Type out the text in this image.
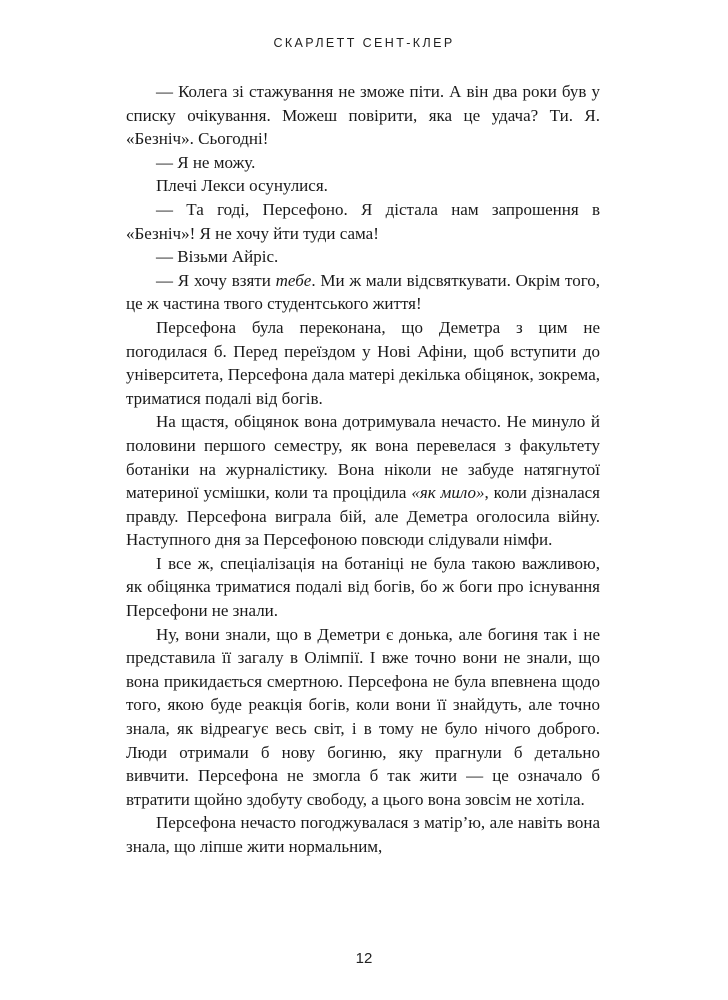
СКАРЛЕТТ СЕНТ-КЛЕР

— Колега зі стажування не зможе піти. А він два роки був у списку очікування. Можеш повірити, яка це удача? Ти. Я. «Безніч». Сьогодні!

— Я не можу.

Плечі Лекси осунулися.

— Та годі, Персефоно. Я дістала нам запрошення в «Безніч»! Я не хочу йти туди сама!

— Візьми Айріс.

— Я хочу взяти тебе. Ми ж мали відсвяткувати. Окрім того, це ж частина твого студентського життя!

Персефона була переконана, що Деметра з цим не погодилася б. Перед переїздом у Нові Афіни, щоб вступити до університета, Персефона дала матері декілька обіцянок, зокрема, триматися подалі від богів.

На щастя, обіцянок вона дотримувала нечасто. Не минуло й половини першого семестру, як вона перевелася з факультету ботаніки на журналістику. Вона ніколи не забуде натягнутої материної усмішки, коли та процідила «як мило», коли дізналася правду. Персефона виграла бій, але Деметра оголосила війну. Наступного дня за Персефоною повсюди слідували німфи.

І все ж, спеціалізація на ботаніці не була такою важливою, як обіцянка триматися подалі від богів, бо ж боги про існування Персефони не знали.

Ну, вони знали, що в Деметри є донька, але богиня так і не представила її загалу в Олімпії. І вже точно вони не знали, що вона прикидається смертною. Персефона не була впевнена щодо того, якою буде реакція богів, коли вони її знайдуть, але точно знала, як відреагує весь світ, і в тому не було нічого доброго. Люди отримали б нову богиню, яку прагнули б детально вивчити. Персефона не змогла б так жити — це означало б втратити щойно здобуту свободу, а цього вона зовсім не хотіла.

Персефона нечасто погоджувалася з матір’ю, але навіть вона знала, що ліпше жити нормальним,

12
